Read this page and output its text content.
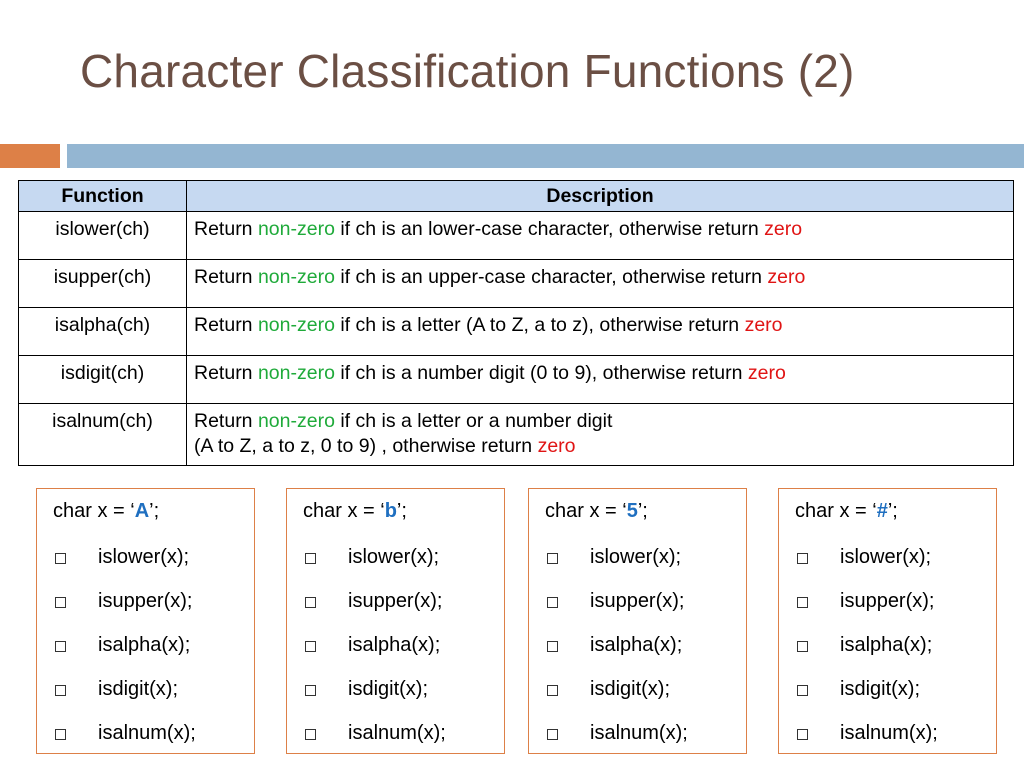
Character Classification Functions (2)
Function	Description
islower(ch)	Return non-zero if ch is an lower-case character, otherwise return zero
isupper(ch)	Return non-zero if ch is an upper-case character, otherwise return zero
isalpha(ch)	Return non-zero if ch is a letter (A to Z, a to z), otherwise return zero
isdigit(ch)	Return non-zero if ch is a number digit (0 to 9), otherwise return zero
isalnum(ch)	Return non-zero if ch is a letter or a number digit
(A to Z, a to z, 0 to 9) , otherwise return zero
char x = ‘A’;
islower(x);
isupper(x);
isalpha(x);
isdigit(x);
isalnum(x);
char x = ‘b’;
islower(x);
isupper(x);
isalpha(x);
isdigit(x);
isalnum(x);
char x = ‘5’;
islower(x);
isupper(x);
isalpha(x);
isdigit(x);
isalnum(x);
char x = ‘#’;
islower(x);
isupper(x);
isalpha(x);
isdigit(x);
isalnum(x);
